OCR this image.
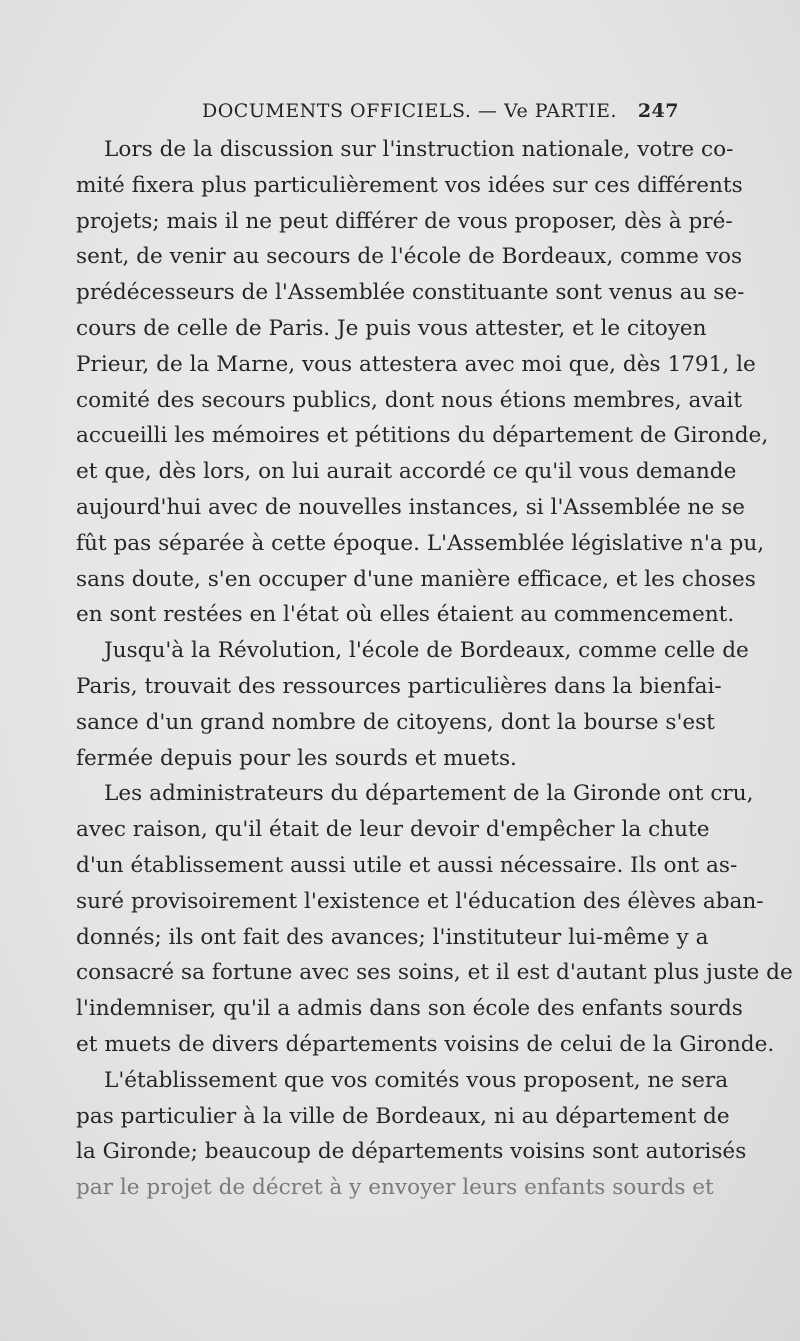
DOCUMENTS OFFICIELS. — Ve PARTIE. 247

Lors de la discussion sur l'instruction nationale, votre co-
mité fixera plus particulièrement vos idées sur ces différents
projets; mais il ne peut différer de vous proposer, dès à pré-
sent, de venir au secours de l'école de Bordeaux, comme vos
prédécesseurs de l'Assemblée constituante sont venus au se-
cours de celle de Paris. Je puis vous attester, et le citoyen
Prieur, de la Marne, vous attestera avec moi que, dès 1791, le
comité des secours publics, dont nous étions membres, avait
accueilli les mémoires et pétitions du département de Gironde,
et que, dès lors, on lui aurait accordé ce qu'il vous demande
aujourd'hui avec de nouvelles instances, si l'Assemblée ne se
fût pas séparée à cette époque. L'Assemblée législative n'a pu,
sans doute, s'en occuper d'une manière efficace, et les choses
en sont restées en l'état où elles étaient au commencement.

Jusqu'à la Révolution, l'école de Bordeaux, comme celle de
Paris, trouvait des ressources particulières dans la bienfai-
sance d'un grand nombre de citoyens, dont la bourse s'est
fermée depuis pour les sourds et muets.

Les administrateurs du département de la Gironde ont cru,
avec raison, qu'il était de leur devoir d'empêcher la chute
d'un établissement aussi utile et aussi nécessaire. Ils ont as-
suré provisoirement l'existence et l'éducation des élèves aban-
donnés; ils ont fait des avances; l'instituteur lui-même y a
consacré sa fortune avec ses soins, et il est d'autant plus juste de
l'indemniser, qu'il a admis dans son école des enfants sourds
et muets de divers départements voisins de celui de la Gironde.

L'établissement que vos comités vous proposent, ne sera
pas particulier à la ville de Bordeaux, ni au département de
la Gironde; beaucoup de départements voisins sont autorisés
par le projet de décret à y envoyer leurs enfants sourds et
